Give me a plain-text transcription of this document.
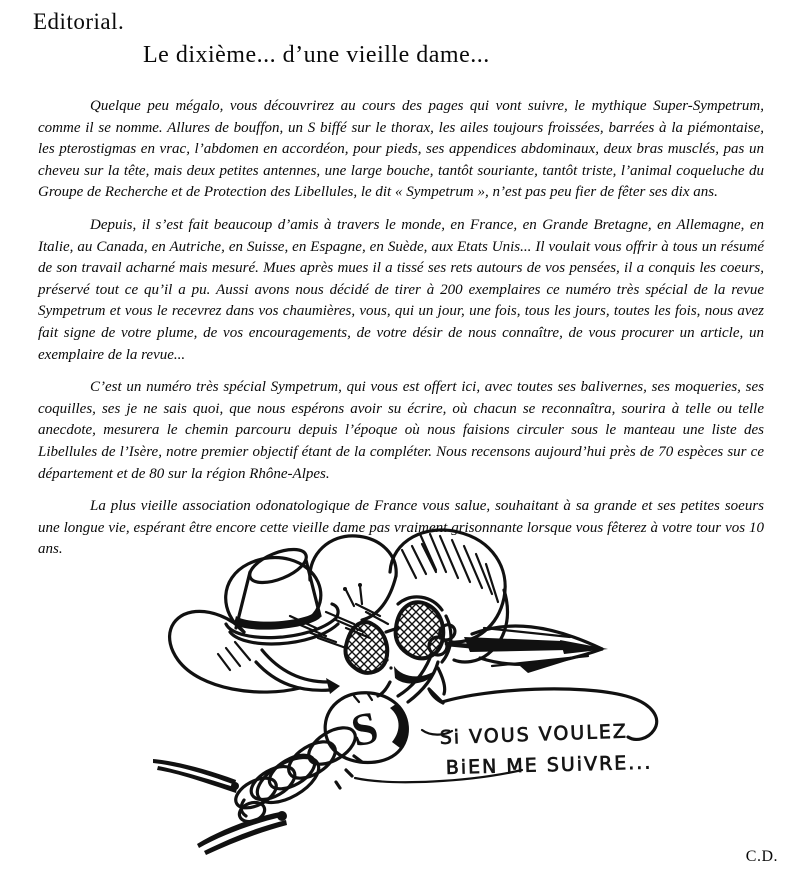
Editorial.
Le dixième... d’une vieille dame...

Quelque peu mégalo, vous découvrirez au cours des pages qui vont suivre, le mythique Super-Sympetrum, comme il se nomme. Allures de bouffon, un S biffé sur le thorax, les ailes toujours froissées, barrées à la piémontaise, les pterostigmas en vrac, l’abdomen en accordéon, pour pieds, ses appendices abdominaux, deux bras musclés, pas un cheveu sur la tête, mais deux petites antennes, une large bouche, tantôt souriante, tantôt triste, l’animal coqueluche du Groupe de Recherche et de Protection des Libellules, le dit « Sympetrum », n’est pas peu fier de fêter ses dix ans.

Depuis, il s’est fait beaucoup d’amis à travers le monde, en France, en Grande Bretagne, en Allemagne, en Italie, au Canada, en Autriche, en Suisse, en Espagne, en Suède, aux Etats Unis... Il voulait vous offrir à tous un résumé de son travail acharné mais mesuré. Mues après mues il a tissé ses rets autours de vos pensées, il a conquis les coeurs, préservé tout ce qu’il a pu. Aussi avons nous décidé de tirer à 200 exemplaires ce numéro très spécial de la revue Sympetrum et vous le recevrez dans vos chaumières, vous, qui un jour, une fois, tous les jours, toutes les fois, nous avez fait signe de votre plume, de vos encouragements, de votre désir de nous connaître, de vous procurer un article, un exemplaire de la revue...

C’est un numéro très spécial Sympetrum, qui vous est offert ici, avec toutes ses balivernes, ses moqueries, ses coquilles, ses je ne sais quoi, que nous espérons avoir su écrire, où chacun se reconnaîtra, sourira à telle ou telle anecdote, mesurera le chemin parcouru depuis l’époque où nous faisions circuler sous le manteau une liste des Libellules de l’Isère, notre premier objectif étant de la compléter. Nous recensons aujourd’hui près de 70 espèces sur ce département et de 80 sur la région Rhône-Alpes.

La plus vieille association odonatologique de France vous salue, souhaitant à sa grande et ses petites soeurs une longue vie, espérant être encore cette vieille dame pas vraiment grisonnante lorsque vous fêterez à votre tour vos 10 ans.

S	Si VOUS VOULEZ
BiEN ME SUiVRE...
C.D.
